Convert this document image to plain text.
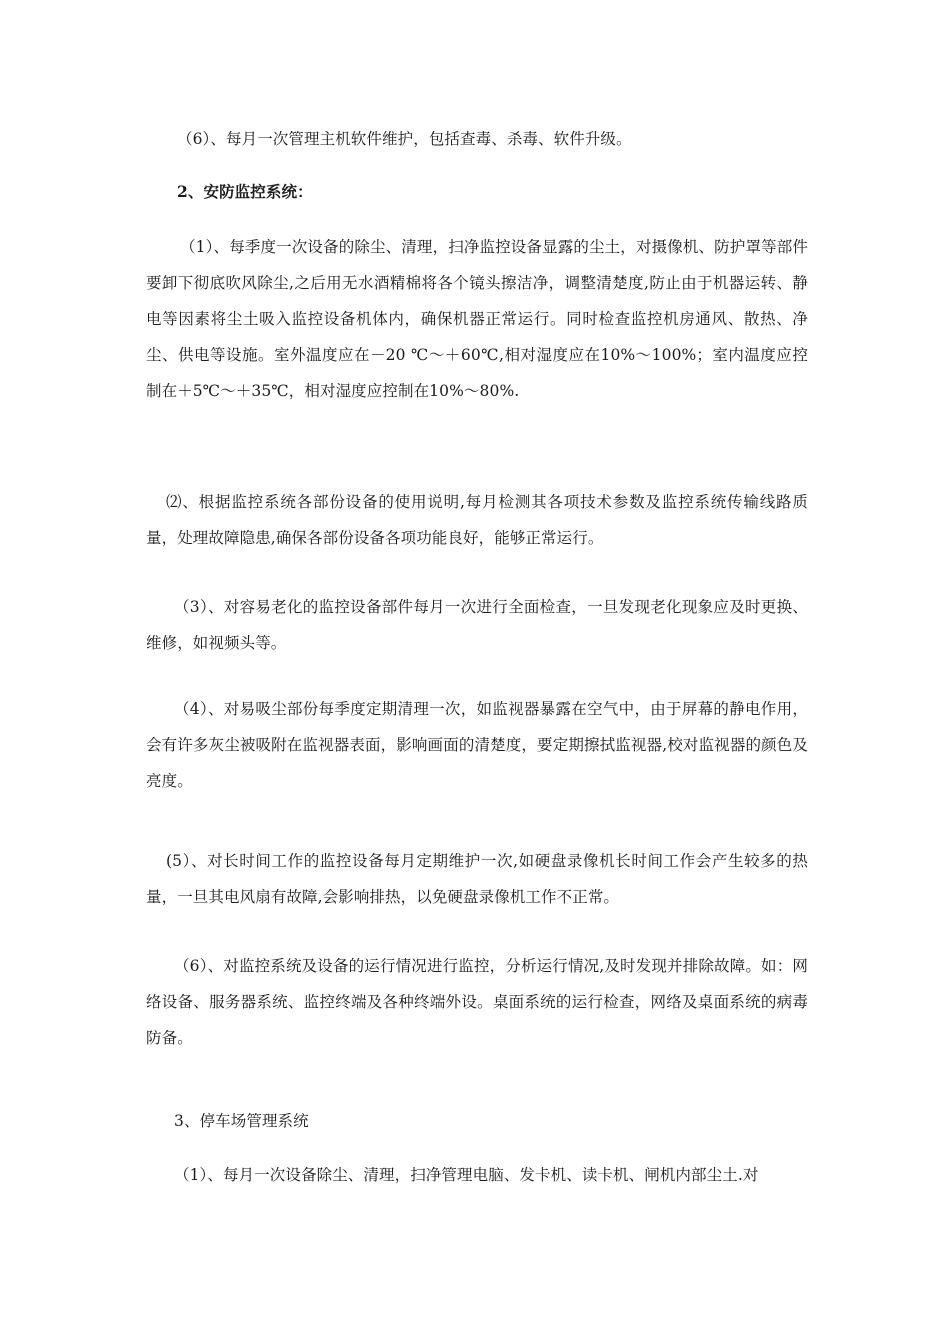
（6）、每月一次管理主机软件维护，包括查毒、杀毒、软件升级。

2、安防监控系统：

（1）、每季度一次设备的除尘、清理，扫净监控设备显露的尘土，对摄像机、防护罩等部件要卸下彻底吹风除尘,之后用无水酒精棉将各个镜头擦洁净，调整清楚度,防止由于机器运转、静电等因素将尘土吸入监控设备机体内，确保机器正常运行。同时检查监控机房通风、散热、净尘、供电等设施。室外温度应在－20 ℃～＋60℃,相对湿度应在10%～100%；室内温度应控制在＋5℃～＋35℃，相对湿度应控制在10%～80%.

⑵、根据监控系统各部份设备的使用说明,每月检测其各项技术参数及监控系统传输线路质量，处理故障隐患,确保各部份设备各项功能良好，能够正常运行。

（3）、对容易老化的监控设备部件每月一次进行全面检查，一旦发现老化现象应及时更换、维修，如视频头等。

（4）、对易吸尘部份每季度定期清理一次，如监视器暴露在空气中，由于屏幕的静电作用，会有许多灰尘被吸附在监视器表面，影响画面的清楚度，要定期擦拭监视器,校对监视器的颜色及亮度。

(5）、对长时间工作的监控设备每月定期维护一次,如硬盘录像机长时间工作会产生较多的热量，一旦其电风扇有故障,会影响排热，以免硬盘录像机工作不正常。

（6）、对监控系统及设备的运行情况进行监控，分析运行情况,及时发现并排除故障。如：网络设备、服务器系统、监控终端及各种终端外设。桌面系统的运行检查，网络及桌面系统的病毒防备。

3、停车场管理系统

（1）、每月一次设备除尘、清理，扫净管理电脑、发卡机、读卡机、闸机内部尘土.对
